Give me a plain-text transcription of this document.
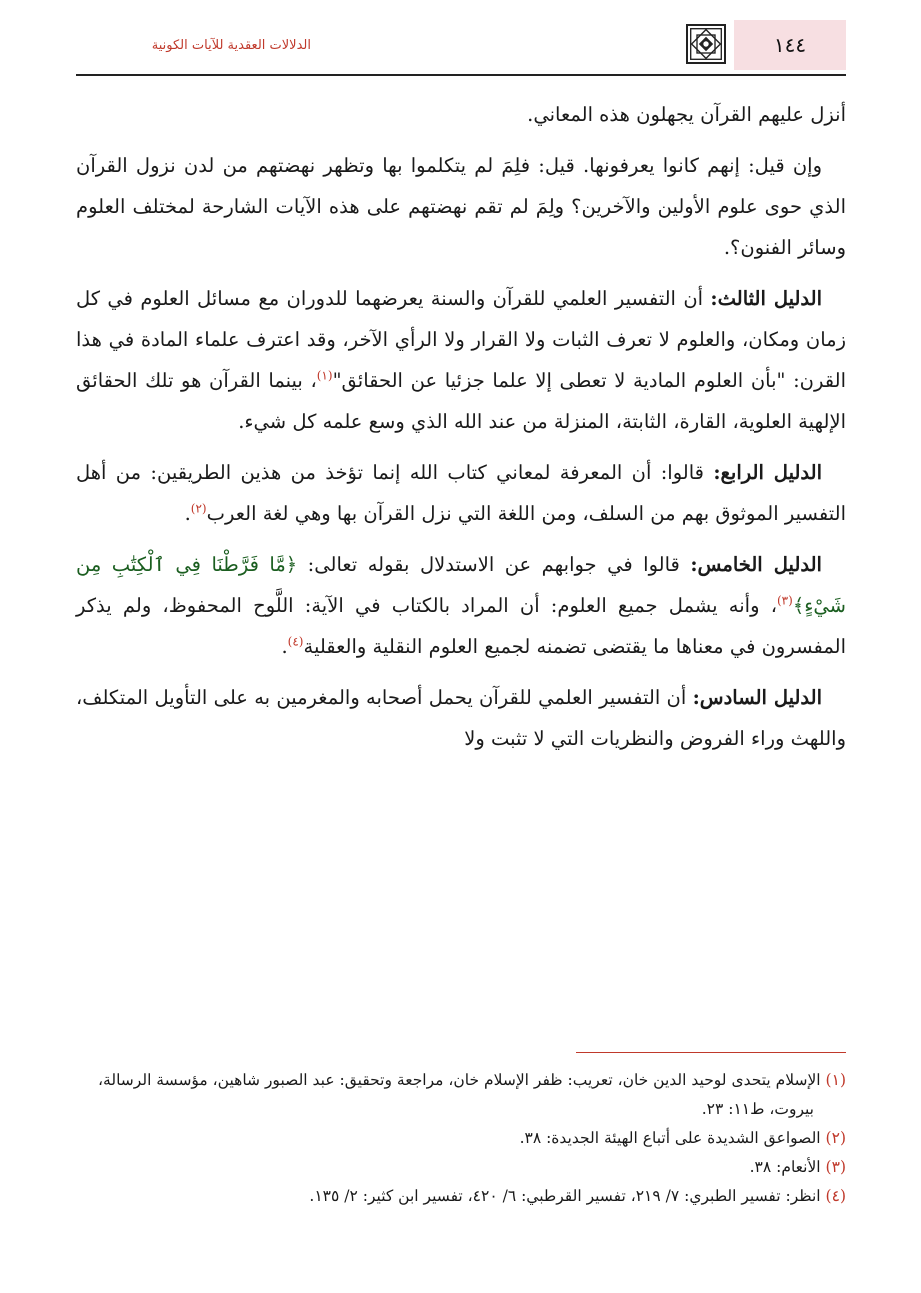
الدلالات العقدية للآيات الكونية	١٤٤

أنزل عليهم القرآن يجهلون هذه المعاني.

وإن قيل: إنهم كانوا يعرفونها. قيل: فلِمَ لم يتكلموا بها وتظهر نهضتهم من لدن نزول القرآن الذي حوى علوم الأولين والآخرين؟ ولِمَ لم تقم نهضتهم على هذه الآيات الشارحة لمختلف العلوم وسائر الفنون؟.

الدليل الثالث: أن التفسير العلمي للقرآن والسنة يعرضهما للدوران مع مسائل العلوم في كل زمان ومكان، والعلوم لا تعرف الثبات ولا القرار ولا الرأي الآخر، وقد اعترف علماء المادة في هذا القرن: "بأن العلوم المادية لا تعطى إلا علما جزئيا عن الحقائق"$^{(١)}$، بينما القرآن هو تلك الحقائق الإلهية العلوية، القارة، الثابتة، المنزلة من عند الله الذي وسع علمه كل شيء.

الدليل الرابع: قالوا: أن المعرفة لمعاني كتاب الله إنما تؤخذ من هذين الطريقين: من أهل التفسير الموثوق بهم من السلف، ومن اللغة التي نزل القرآن بها وهي لغة العرب$^{(٢)}$.

الدليل الخامس: قالوا في جوابهم عن الاستدلال بقوله تعالى: ﴿مَّا فَرَّطْنَا فِي ٱلْكِتَٰبِ مِن شَيْءٍ﴾$^{(٣)}$، وأنه يشمل جميع العلوم: أن المراد بالكتاب في الآية: اللَّوح المحفوظ، ولم يذكر المفسرون في معناها ما يقتضى تضمنه لجميع العلوم النقلية والعقلية$^{(٤)}$.

الدليل السادس: أن التفسير العلمي للقرآن يحمل أصحابه والمغرمين به على التأويل المتكلف، واللهث وراء الفروض والنظريات التي لا تثبت ولا

(١) الإسلام يتحدى لوحيد الدين خان، تعريب: ظفر الإسلام خان، مراجعة وتحقيق: عبد الصبور شاهين، مؤسسة الرسالة، بيروت، ط١١: ٢٣.

(٢) الصواعق الشديدة على أتباع الهيئة الجديدة: ٣٨.

(٣) الأنعام: ٣٨.

(٤) انظر: تفسير الطبري: ٧/ ٢١٩، تفسير القرطبي: ٦/ ٤٢٠، تفسير ابن كثير: ٢/ ١٣٥.
